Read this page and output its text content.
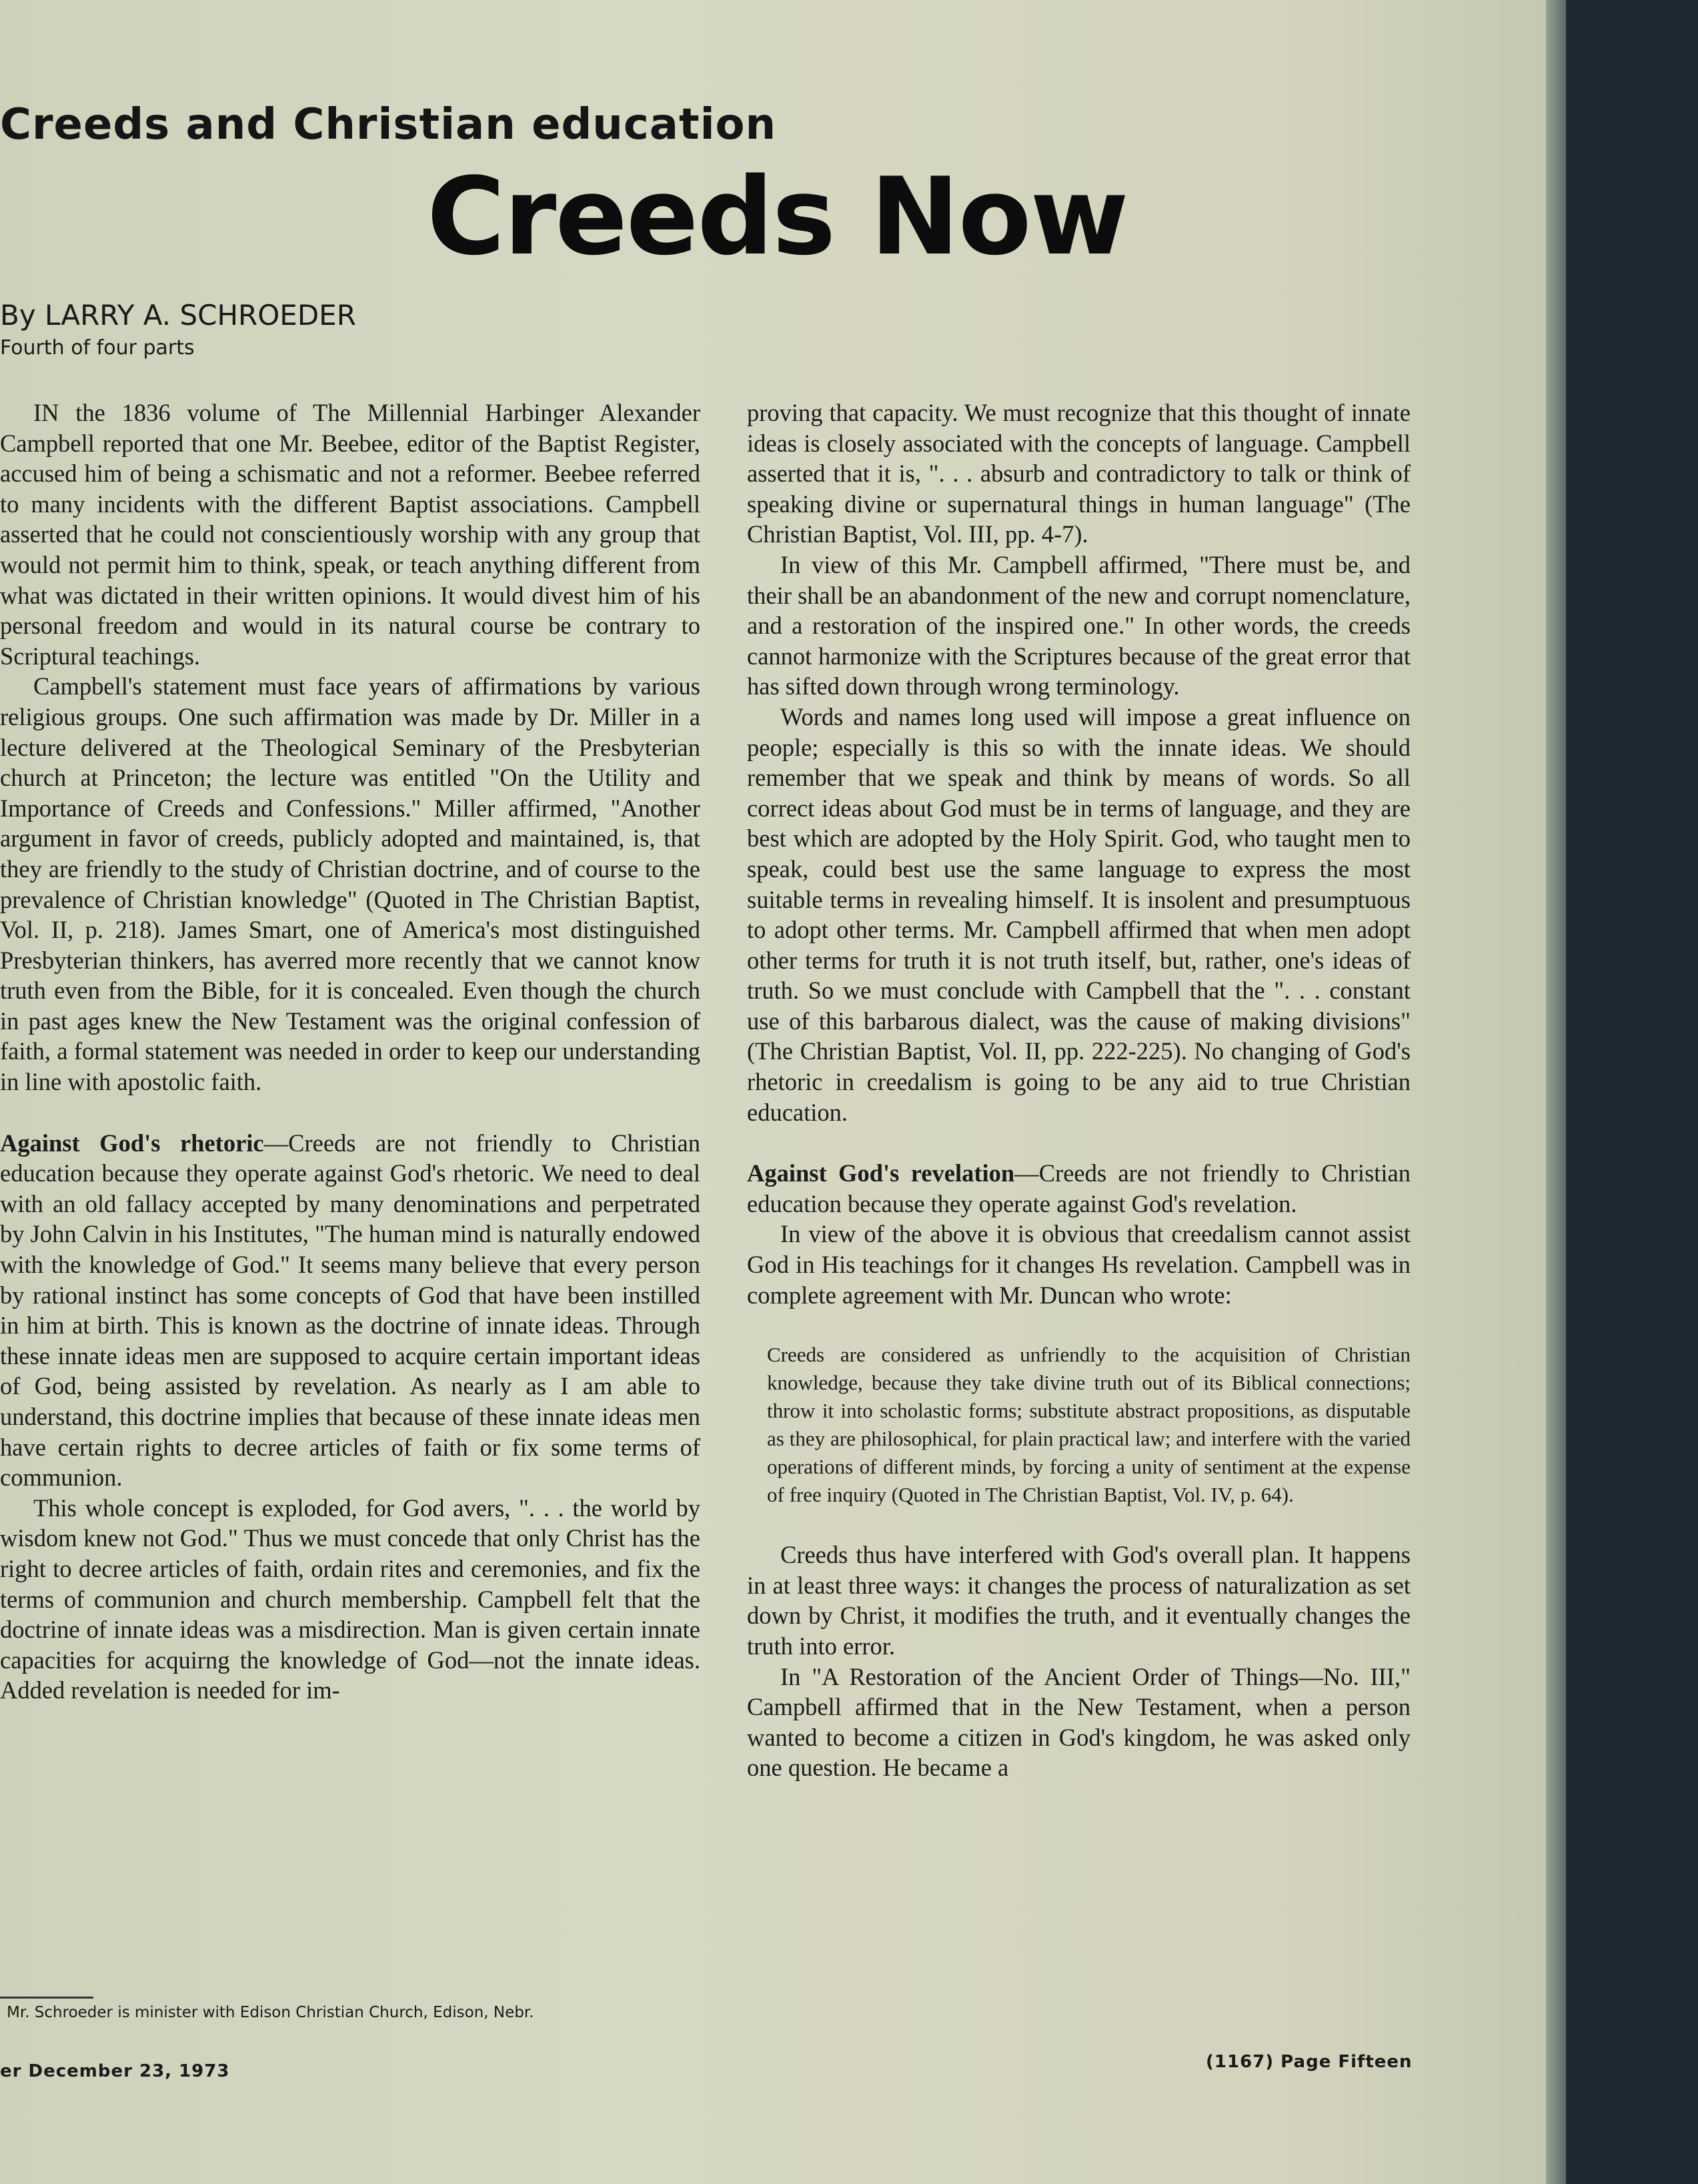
Creeds and Christian education
Creeds Now
By LARRY A. SCHROEDER
Fourth of four parts

IN the 1836 volume of The Millennial Harbinger Alexander Campbell reported that one Mr. Beebee, editor of the Baptist Register, accused him of being a schismatic and not a reformer. Beebee referred to many incidents with the different Baptist associations. Campbell asserted that he could not conscientiously worship with any group that would not permit him to think, speak, or teach anything different from what was dictated in their written opinions. It would divest him of his personal freedom and would in its natural course be contrary to Scriptural teachings.

Campbell's statement must face years of affirmations by various religious groups. One such affirmation was made by Dr. Miller in a lecture delivered at the Theological Seminary of the Presbyterian church at Princeton; the lecture was entitled "On the Utility and Importance of Creeds and Confessions." Miller affirmed, "Another argument in favor of creeds, publicly adopted and maintained, is, that they are friendly to the study of Christian doctrine, and of course to the prevalence of Christian knowledge" (Quoted in The Christian Baptist, Vol. II, p. 218). James Smart, one of America's most distinguished Presbyterian thinkers, has averred more recently that we cannot know truth even from the Bible, for it is concealed. Even though the church in past ages knew the New Testament was the original confession of faith, a formal statement was needed in order to keep our understanding in line with apostolic faith.

Against God's rhetoric—Creeds are not friendly to Christian education because they operate against God's rhetoric. We need to deal with an old fallacy accepted by many denominations and perpetrated by John Calvin in his Institutes, "The human mind is naturally endowed with the knowledge of God." It seems many believe that every person by rational instinct has some concepts of God that have been instilled in him at birth. This is known as the doctrine of innate ideas. Through these innate ideas men are supposed to acquire certain important ideas of God, being assisted by revelation. As nearly as I am able to understand, this doctrine implies that because of these innate ideas men have certain rights to decree articles of faith or fix some terms of communion.

This whole concept is exploded, for God avers, ". . . the world by wisdom knew not God." Thus we must concede that only Christ has the right to decree articles of faith, ordain rites and ceremonies, and fix the terms of communion and church membership. Campbell felt that the doctrine of innate ideas was a misdirection. Man is given certain innate capacities for acquirng the knowledge of God—not the innate ideas. Added revelation is needed for im-

proving that capacity. We must recognize that this thought of innate ideas is closely associated with the concepts of language. Campbell asserted that it is, ". . . absurb and contradictory to talk or think of speaking divine or supernatural things in human language" (The Christian Baptist, Vol. III, pp. 4-7).

In view of this Mr. Campbell affirmed, "There must be, and their shall be an abandonment of the new and corrupt nomenclature, and a restoration of the inspired one." In other words, the creeds cannot harmonize with the Scriptures because of the great error that has sifted down through wrong terminology.

Words and names long used will impose a great influence on people; especially is this so with the innate ideas. We should remember that we speak and think by means of words. So all correct ideas about God must be in terms of language, and they are best which are adopted by the Holy Spirit. God, who taught men to speak, could best use the same language to express the most suitable terms in revealing himself. It is insolent and presumptuous to adopt other terms. Mr. Campbell affirmed that when men adopt other terms for truth it is not truth itself, but, rather, one's ideas of truth. So we must conclude with Campbell that the ". . . constant use of this barbarous dialect, was the cause of making divisions" (The Christian Baptist, Vol. II, pp. 222-225). No changing of God's rhetoric in creedalism is going to be any aid to true Christian education.

Against God's revelation—Creeds are not friendly to Christian education because they operate against God's revelation.

In view of the above it is obvious that creedalism cannot assist God in His teachings for it changes Hs revelation. Campbell was in complete agreement with Mr. Duncan who wrote:

Creeds are considered as unfriendly to the acquisition of Christian knowledge, because they take divine truth out of its Biblical connections; throw it into scholastic forms; substitute abstract propositions, as disputable as they are philosophical, for plain practical law; and interfere with the varied operations of different minds, by forcing a unity of sentiment at the expense of free inquiry (Quoted in The Christian Baptist, Vol. IV, p. 64).

Creeds thus have interfered with God's overall plan. It happens in at least three ways: it changes the process of naturalization as set down by Christ, it modifies the truth, and it eventually changes the truth into error.

In "A Restoration of the Ancient Order of Things—No. III," Campbell affirmed that in the New Testament, when a person wanted to become a citizen in God's kingdom, he was asked only one question. He became a

Mr. Schroeder is minister with Edison Christian Church, Edison, Nebr.
er December 23, 1973	(1167) Page Fifteen
